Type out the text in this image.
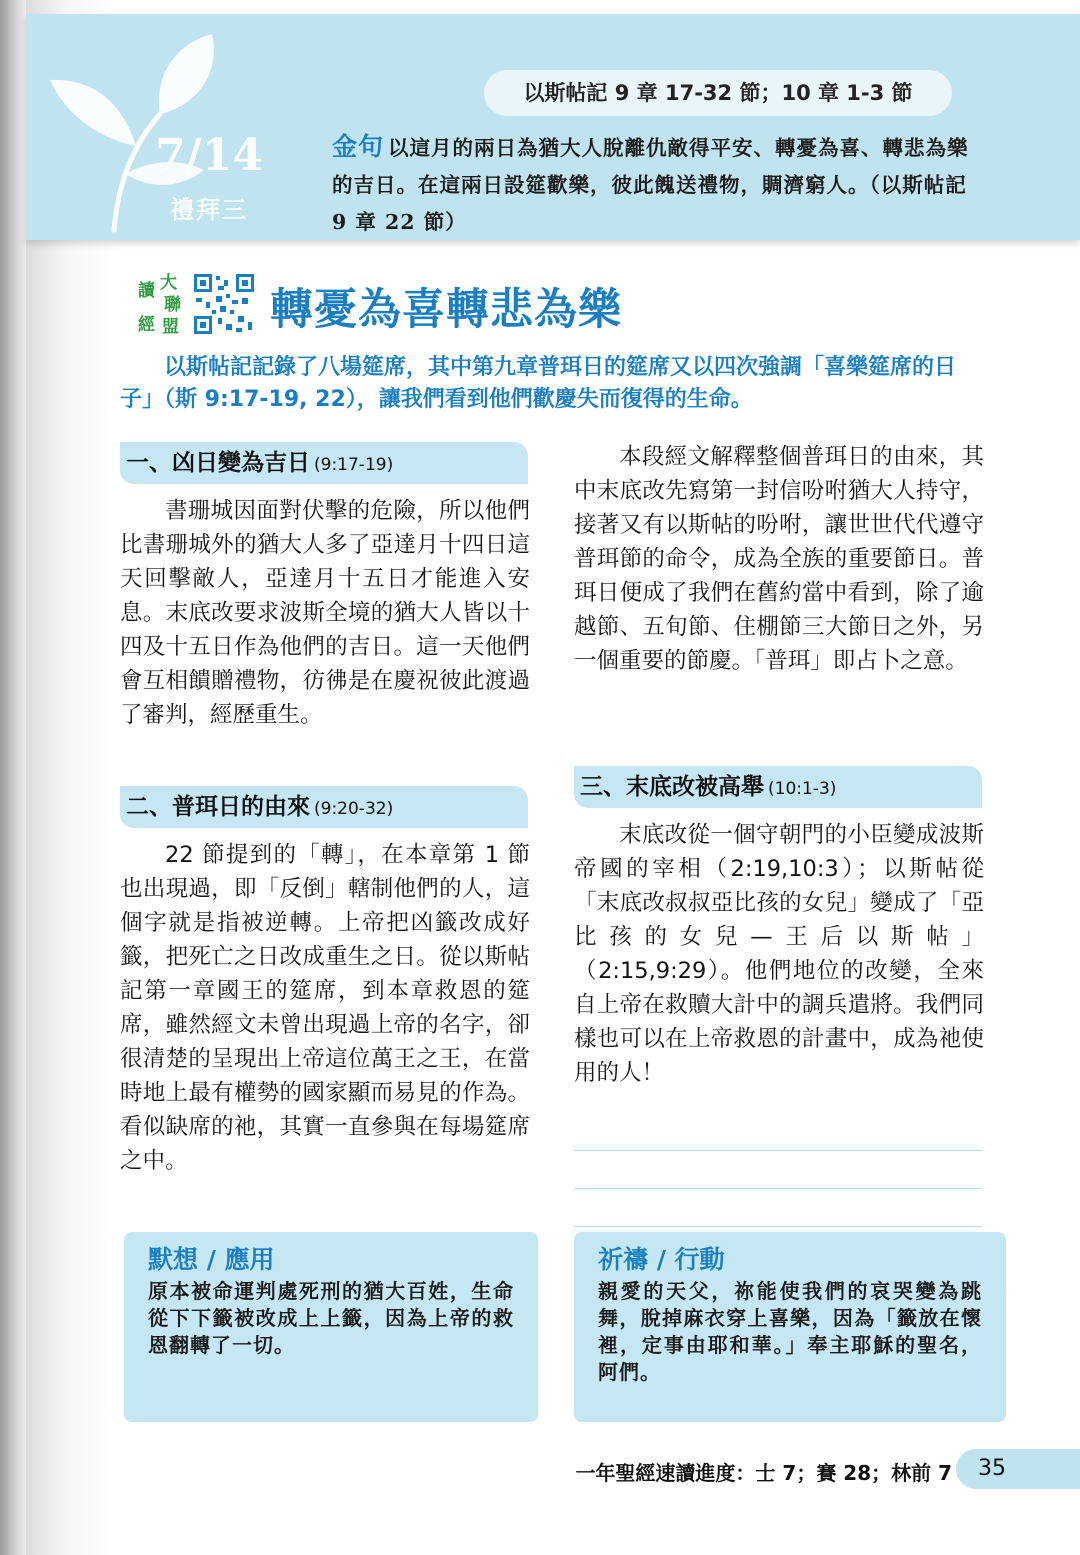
7/14
禮拜三
以斯帖記 9 章 17-32 節；10 章 1-3 節
金句 以這月的兩日為猶大人脫離仇敵得平安、轉憂為喜、轉悲為樂的吉日。在這兩日設筵歡樂，彼此餽送禮物，賙濟窮人。（以斯帖記 9 章 22 節）
讀 大
聯
經 盟 轉憂為喜轉悲為樂
以斯帖記記錄了八場筵席，其中第九章普珥日的筵席又以四次強調「喜樂筵席的日子」（斯 9:17-19, 22），讓我們看到他們歡慶失而復得的生命。
一、凶日變為吉日 (9:17-19)

書珊城因面對伏擊的危險，所以他們比書珊城外的猶大人多了亞達月十四日這天回擊敵人，亞達月十五日才能進入安息。末底改要求波斯全境的猶大人皆以十四及十五日作為他們的吉日。這一天他們會互相饋贈禮物，彷彿是在慶祝彼此渡過了審判，經歷重生。

二、普珥日的由來 (9:20-32)

22 節提到的「轉」，在本章第 1 節也出現過，即「反倒」轄制他們的人，這個字就是指被逆轉。上帝把凶籤改成好籤，把死亡之日改成重生之日。從以斯帖記第一章國王的筵席，到本章救恩的筵席，雖然經文未曾出現過上帝的名字，卻很清楚的呈現出上帝這位萬王之王，在當時地上最有權勢的國家顯而易見的作為。看似缺席的祂，其實一直參與在每場筵席之中。

本段經文解釋整個普珥日的由來，其中末底改先寫第一封信吩咐猶大人持守，接著又有以斯帖的吩咐，讓世世代代遵守普珥節的命令，成為全族的重要節日。普珥日便成了我們在舊約當中看到，除了逾越節、五旬節、住棚節三大節日之外，另一個重要的節慶。「普珥」即占卜之意。

三、末底改被高舉 (10:1-3)

末底改從一個守朝門的小臣變成波斯帝國的宰相（2:19,10:3）；以斯帖從「末底改叔叔亞比孩的女兒」變成了「亞比孩的女兒—王后以斯帖」（2:15,9:29）。他們地位的改變，全來自上帝在救贖大計中的調兵遣將。我們同樣也可以在上帝救恩的計畫中，成為祂使用的人！

默想 / 應用
原本被命運判處死刑的猶大百姓，生命從下下籤被改成上上籤，因為上帝的救恩翻轉了一切。
祈禱 / 行動
親愛的天父，祢能使我們的哀哭變為跳舞，脫掉麻衣穿上喜樂，因為「籤放在懷裡，定事由耶和華。」奉主耶穌的聖名，阿們。
一年聖經速讀進度：士 7；賽 28；林前 7	35
